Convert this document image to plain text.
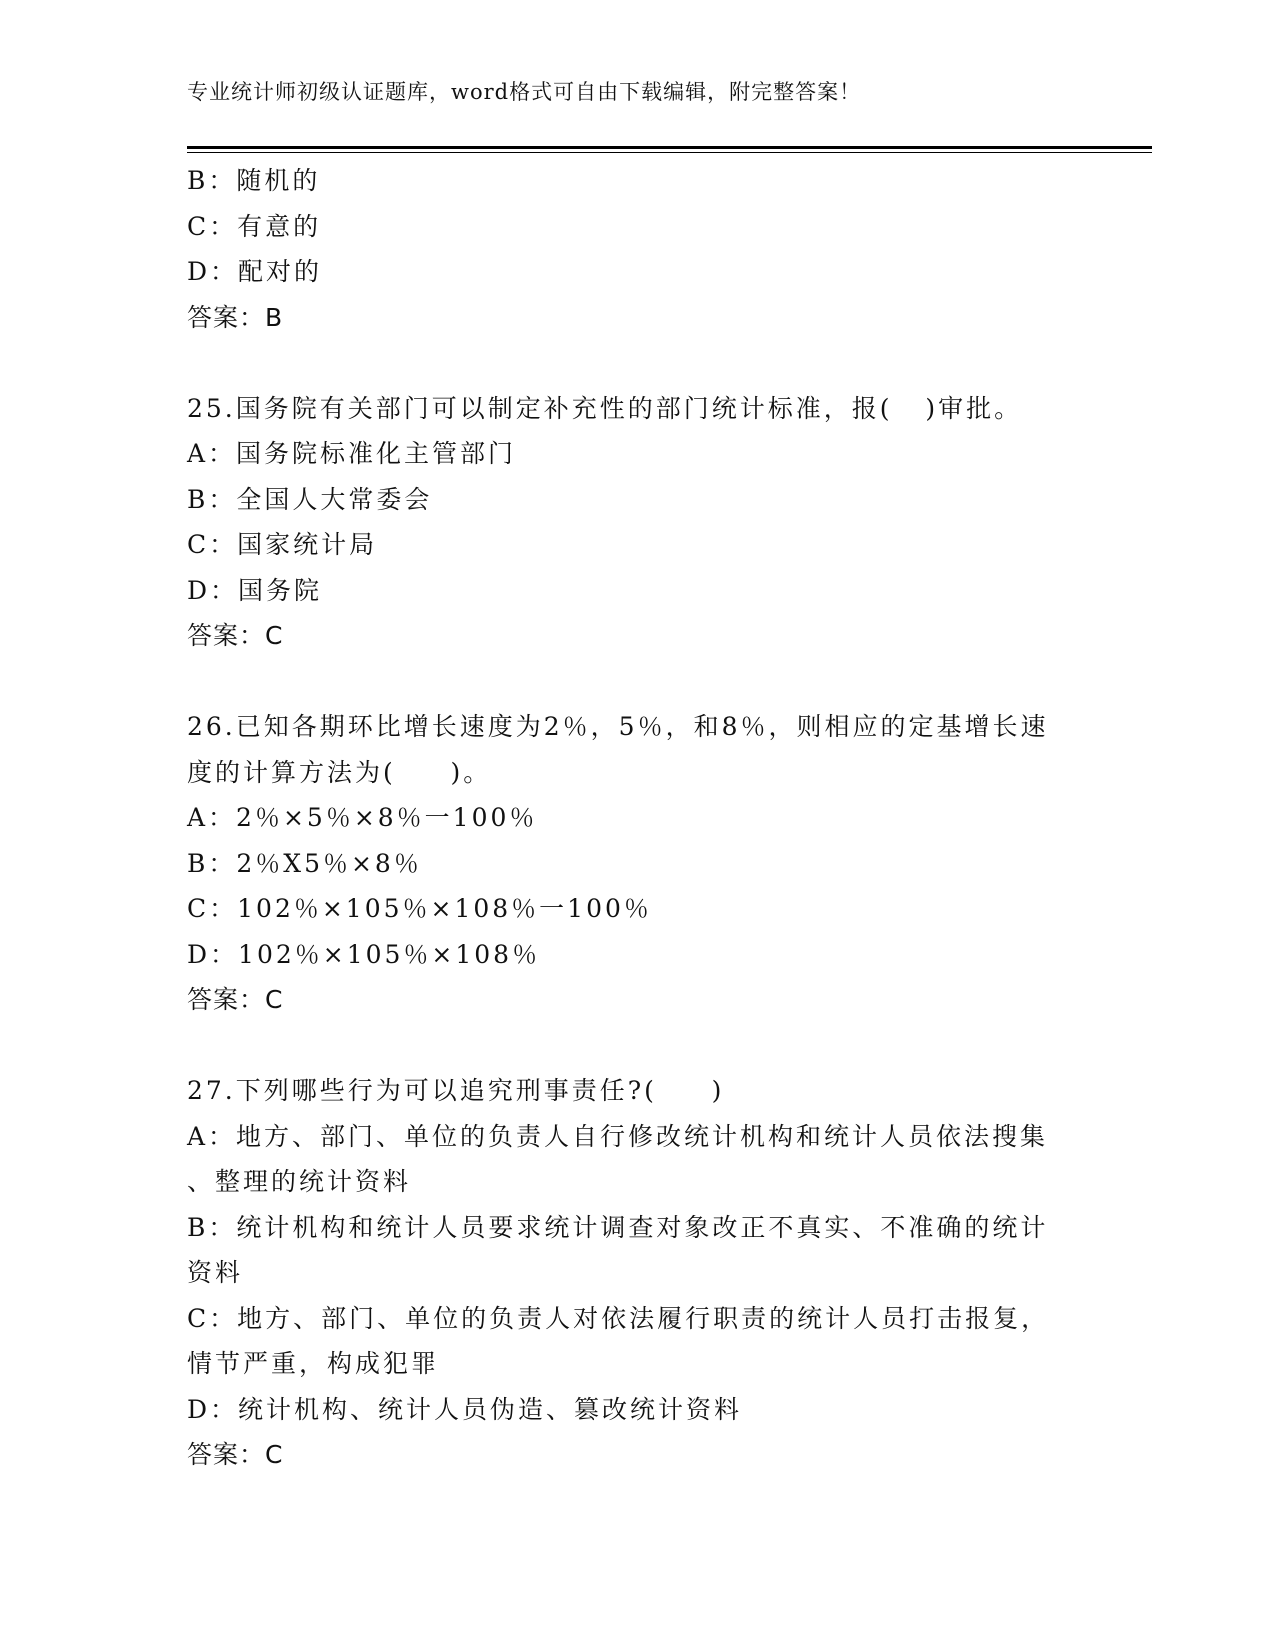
专业统计师初级认证题库，word格式可自由下载编辑，附完整答案！
B：随机的
C：有意的
D：配对的
答案：B
25.国务院有关部门可以制定补充性的部门统计标准，报(   )审批。
A：国务院标准化主管部门
B：全国人大常委会
C：国家统计局
D：国务院
答案：C
26.已知各期环比增长速度为2％，5％，和8％，则相应的定基增长速
度的计算方法为(     )。
A：2％×5％×8％一100％
B：2％X5％×8％
C：102％×105％×108％一100％
D：102％×105％×108％
答案：C
27.下列哪些行为可以追究刑事责任?(     )
A：地方、部门、单位的负责人自行修改统计机构和统计人员依法搜集
、整理的统计资料
B：统计机构和统计人员要求统计调查对象改正不真实、不准确的统计
资料
C：地方、部门、单位的负责人对依法履行职责的统计人员打击报复，
情节严重，构成犯罪
D：统计机构、统计人员伪造、篡改统计资料
答案：C
